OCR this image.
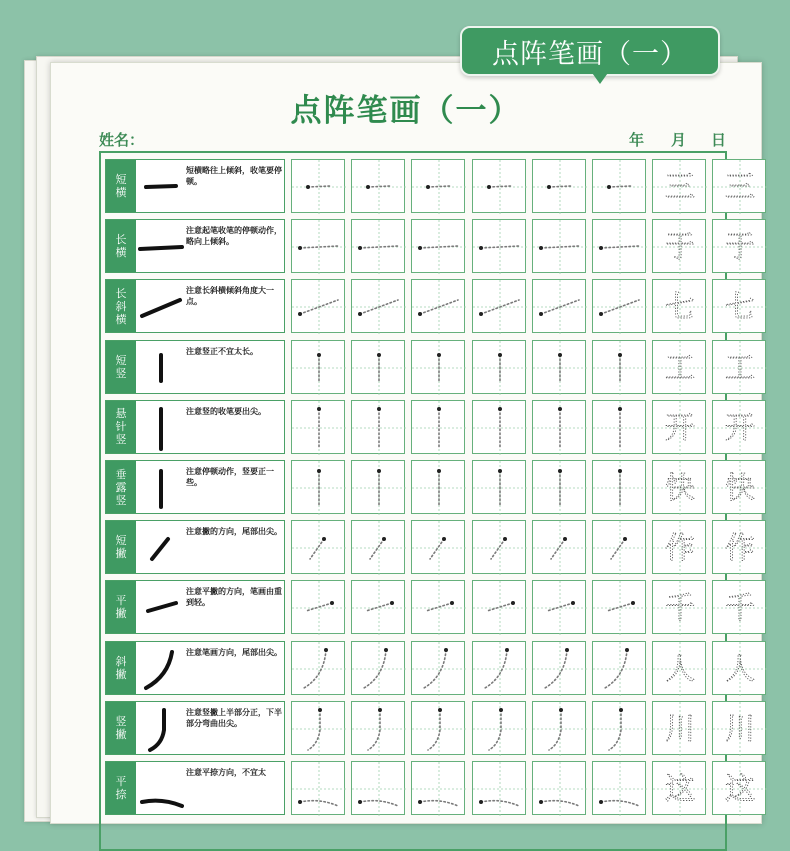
点阵笔画（一）
姓名：	年 月 日
短
横
短横略往上倾斜，收笔要停顿。	三 三
长
横
注意起笔收笔的停顿动作，略向上倾斜。	于 于
长
斜
横
注意长斜横倾斜角度大一点。	七 七
短
竖
注意竖正不宜太长。	工 工
悬
针
竖
注意竖的收笔要出尖。	开 开
垂
露
竖
注意停顿动作，竖要正一些。	快 快
短
撇
注意撇的方向，尾部出尖。	作 作
平
撇
注意平撇的方向，笔画由重到轻。	千 千
斜
撇
注意笔画方向，尾部出尖。	人 人
竖
撇
注意竖撇上半部分正，下半部分弯曲出尖。	川 川
平
捺
注意平捺方向，不宜太	这 这
点阵笔画（一）
